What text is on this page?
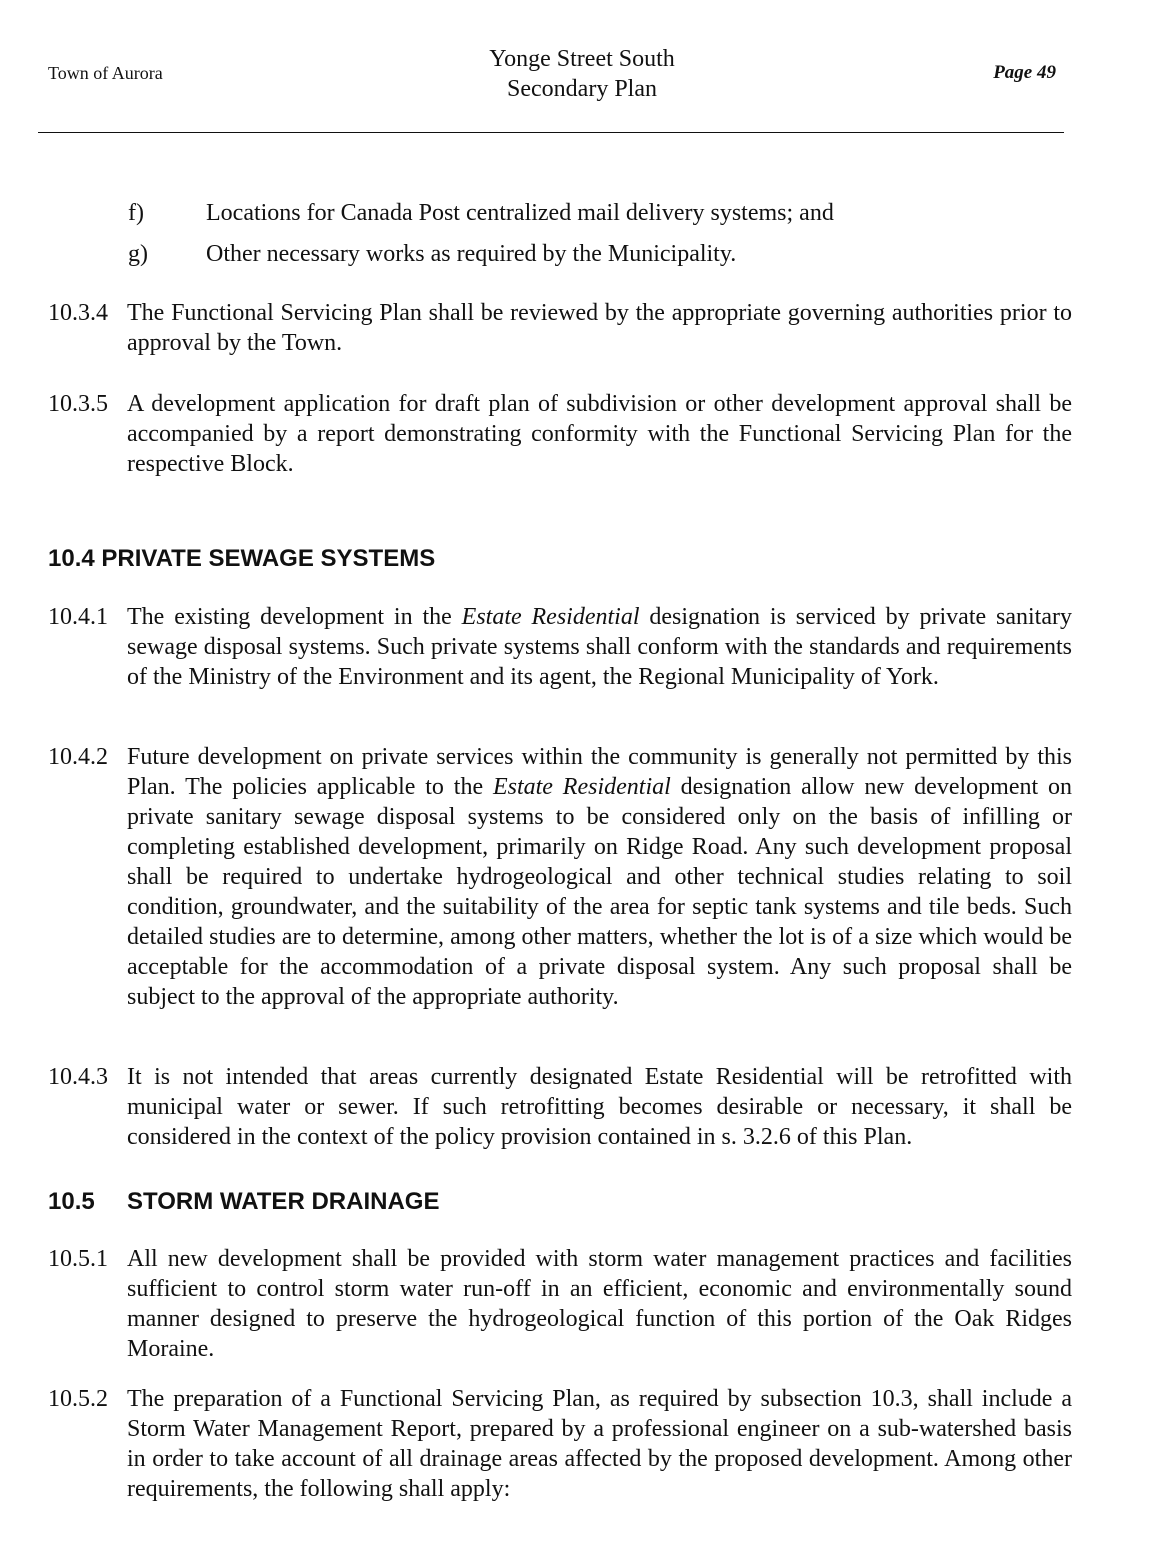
Town of Aurora
Yonge Street South
Secondary Plan
Page 49
f)	Locations for Canada Post centralized mail delivery systems; and
g) Other necessary works as required by the Municipality.
10.3.4 The Functional Servicing Plan shall be reviewed by the appropriate governing authorities prior to approval by the Town.
10.3.5 A development application for draft plan of subdivision or other development approval shall be accompanied by a report demonstrating conformity with the Functional Servicing Plan for the respective Block.
10.4 PRIVATE SEWAGE SYSTEMS
10.4.1 The existing development in the Estate Residential designation is serviced by private sanitary sewage disposal systems. Such private systems shall conform with the standards and requirements of the Ministry of the Environment and its agent, the Regional Municipality of York.
10.4.2 Future development on private services within the community is generally not permitted by this Plan. The policies applicable to the Estate Residential designation allow new development on private sanitary sewage disposal systems to be considered only on the basis of infilling or completing established development, primarily on Ridge Road. Any such development proposal shall be required to undertake hydrogeological and other technical studies relating to soil condition, groundwater, and the suitability of the area for septic tank systems and tile beds. Such detailed studies are to determine, among other matters, whether the lot is of a size which would be acceptable for the accommodation of a private disposal system. Any such proposal shall be subject to the approval of the appropriate authority.
10.4.3 It is not intended that areas currently designated Estate Residential will be retrofitted with municipal water or sewer. If such retrofitting becomes desirable or necessary, it shall be considered in the context of the policy provision contained in s. 3.2.6 of this Plan.
10.5 STORM WATER DRAINAGE
10.5.1 All new development shall be provided with storm water management practices and facilities sufficient to control storm water run-off in an efficient, economic and environmentally sound manner designed to preserve the hydrogeological function of this portion of the Oak Ridges Moraine.
10.5.2 The preparation of a Functional Servicing Plan, as required by subsection 10.3, shall include a Storm Water Management Report, prepared by a professional engineer on a sub-watershed basis in order to take account of all drainage areas affected by the proposed development. Among other requirements, the following shall apply:
